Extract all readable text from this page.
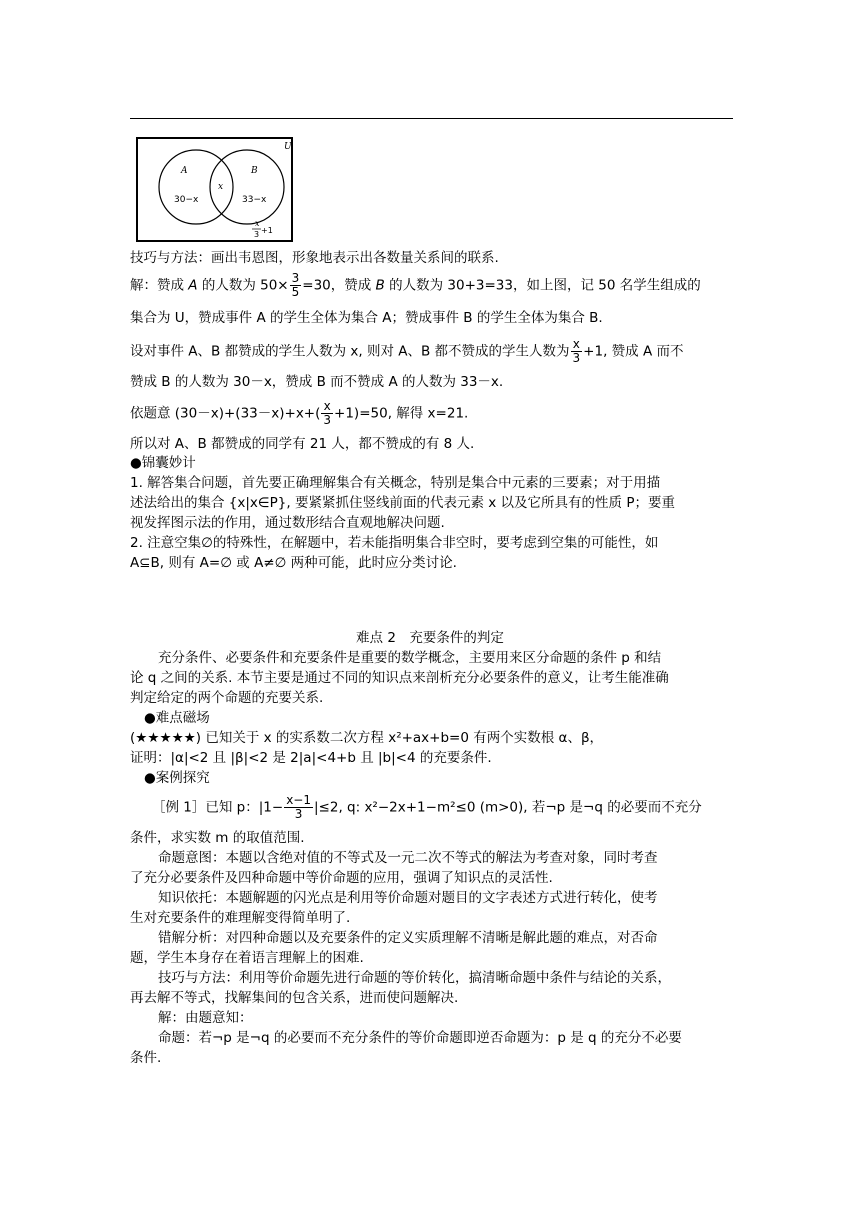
U
A	B
x
30−x	33−x
x
3 +1
技巧与方法：画出韦恩图，形象地表示出各数量关系间的联系.
解：赞成 A 的人数为 $50\times \frac{3}{5} =30$，赞成 B 的人数为 30+3=33，如上图，记 50 名学生组成的
集合为 U，赞成事件 A 的学生全体为集合 A；赞成事件 B 的学生全体为集合 B.
设对事件 A、B 都赞成的学生人数为 x, 则对 A、B 都不赞成的学生人数为 $\frac{x}{3} +1$, 赞成 A 而不
赞成 B 的人数为 30－x，赞成 B 而不赞成 A 的人数为 33－x.
依题意 $(30-x)+(33-x)+x+( \frac{x}{3} +1)=50$, 解得 x=21.
所以对 A、B 都赞成的同学有 21 人，都不赞成的有 8 人.
●锦囊妙计
1. 解答集合问题，首先要正确理解集合有关概念，特别是集合中元素的三要素；对于用描
述法给出的集合 {x|x∈P}, 要紧紧抓住竖线前面的代表元素 x 以及它所具有的性质 P；要重
视发挥图示法的作用，通过数形结合直观地解决问题.
2. 注意空集∅的特殊性，在解题中，若未能指明集合非空时，要考虑到空集的可能性，如
A⊆B, 则有 A=∅ 或 A≠∅ 两种可能，此时应分类讨论.
难点 2　充要条件的判定
充分条件、必要条件和充要条件是重要的数学概念，主要用来区分命题的条件 p 和结
论 q 之间的关系. 本节主要是通过不同的知识点来剖析充分必要条件的意义，让考生能准确
判定给定的两个命题的充要关系.
●难点磁场
(★★★★★) 已知关于 x 的实系数二次方程 x²+ax+b=0 有两个实数根 α、β，
证明：|α|<2 且 |β|<2 是 2|a|<4+b 且 |b|<4 的充要条件.
●案例探究
［例 1］已知 p：$|1- \frac{x-1}{3} |\le 2$, q: x²−2x+1−m²≤0 (m>0), 若¬p 是¬q 的必要而不充分
条件，求实数 m 的取值范围.
命题意图：本题以含绝对值的不等式及一元二次不等式的解法为考查对象，同时考查
了充分必要条件及四种命题中等价命题的应用，强调了知识点的灵活性.
知识依托：本题解题的闪光点是利用等价命题对题目的文字表述方式进行转化，使考
生对充要条件的难理解变得简单明了.
错解分析：对四种命题以及充要条件的定义实质理解不清晰是解此题的难点，对否命
题，学生本身存在着语言理解上的困难.
技巧与方法：利用等价命题先进行命题的等价转化，搞清晰命题中条件与结论的关系，
再去解不等式，找解集间的包含关系，进而使问题解决.
解：由题意知：
命题：若¬p 是¬q 的必要而不充分条件的等价命题即逆否命题为：p 是 q 的充分不必要
条件.
